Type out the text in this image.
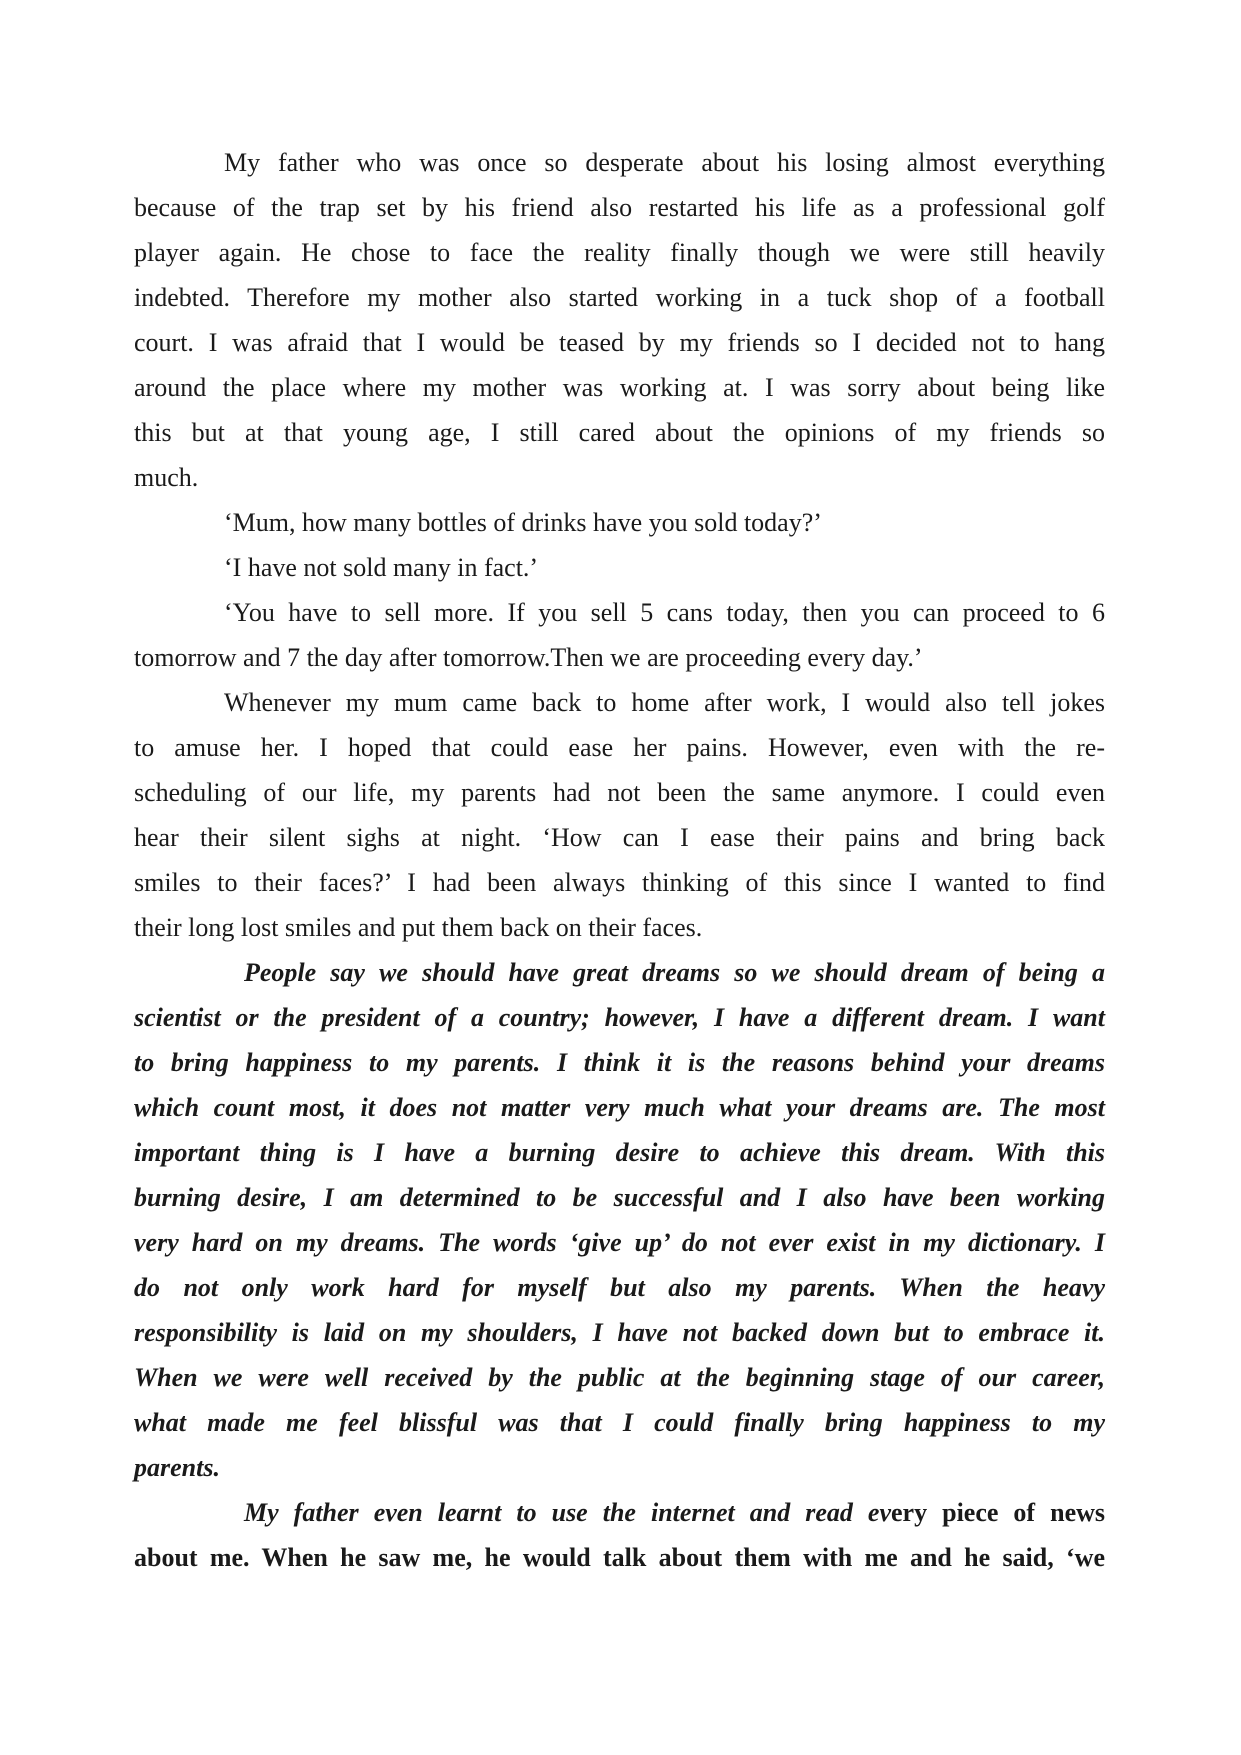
My father who was once so desperate about his losing almost everything
because of the trap set by his friend also restarted his life as a professional golf
player again. He chose to face the reality finally though we were still heavily
indebted. Therefore my mother also started working in a tuck shop of a football
court. I was afraid that I would be teased by my friends so I decided not to hang
around the place where my mother was working at. I was sorry about being like
this but at that young age, I still cared about the opinions of my friends so
much.
‘Mum, how many bottles of drinks have you sold today?’
‘I have not sold many in fact.’
‘You have to sell more. If you sell 5 cans today, then you can proceed to 6
tomorrow and 7 the day after tomorrow.Then we are proceeding every day.’
Whenever my mum came back to home after work, I would also tell jokes
to amuse her. I hoped that could ease her pains. However, even with the re-
scheduling of our life, my parents had not been the same anymore. I could even
hear their silent sighs at night. ‘How can I ease their pains and bring back
smiles to their faces?’ I had been always thinking of this since I wanted to find
their long lost smiles and put them back on their faces.
People say we should have great dreams so we should dream of being a
scientist or the president of a country; however, I have a different dream. I want
to bring happiness to my parents. I think it is the reasons behind your dreams
which count most, it does not matter very much what your dreams are. The most
important thing is I have a burning desire to achieve this dream. With this
burning desire, I am determined to be successful and I also have been working
very hard on my dreams. The words ‘give up’ do not ever exist in my dictionary. I
do not only work hard for myself but also my parents. When the heavy
responsibility is laid on my shoulders, I have not backed down but to embrace it.
When we were well received by the public at the beginning stage of our career,
what made me feel blissful was that I could finally bring happiness to my
parents.
My father even learnt to use the internet and read every piece of news
about me. When he saw me, he would talk about them with me and he said, ‘we
